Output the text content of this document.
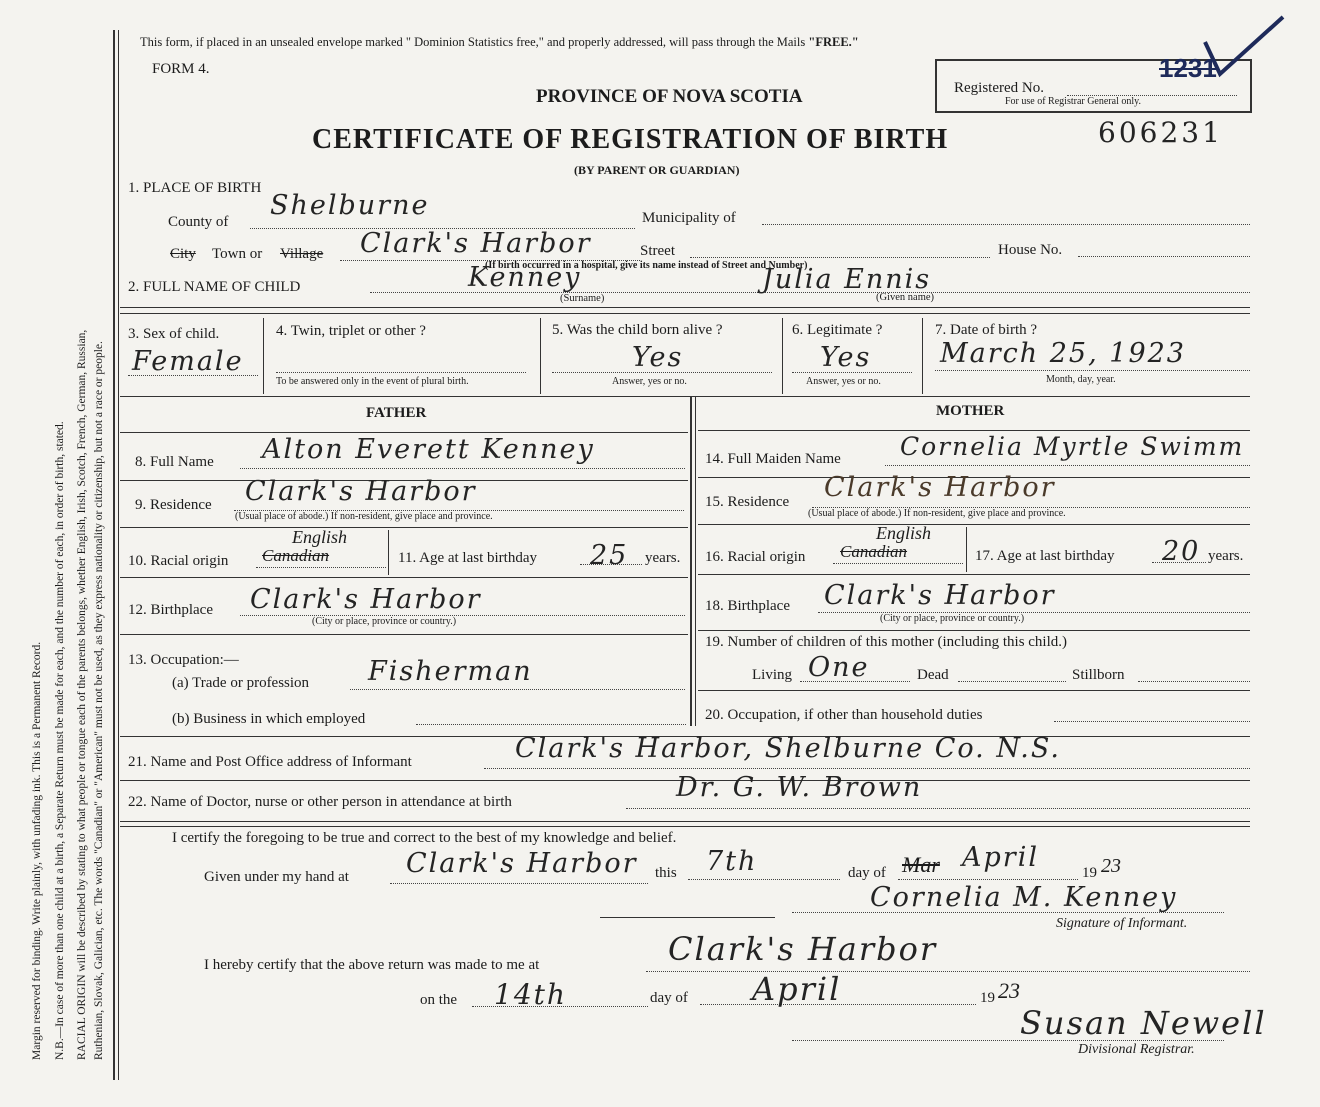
Margin reserved for binding. Write plainly, with unfading ink. This is a Permanent Record. N.B.—In case of more than one child at a birth, a Separate Return must be made for each, and the number of each, in order of birth, stated. RACIAL ORIGIN will be described by stating to what people or tongue each of the parents belongs, whether English, Irish, Scotch, French, German, Russian, Ruthenian, Slovak, Galician, etc. The words "Canadian" or "American" must not be used, as they express nationality or citizenship, but not a race or people.
This form, if placed in an unsealed envelope marked " Dominion Statistics free," and properly addressed, will pass through the Mails "FREE."
FORM 4.
PROVINCE OF NOVA SCOTIA
CERTIFICATE OF REGISTRATION OF BIRTH
(BY PARENT OR GUARDIAN)
Registered No.
For use of Registrar General only.
1231
606231
1. PLACE OF BIRTH
County of
Shelburne	Municipality of
City Town or Village Clark's Harbor	Street	House No.
(If birth occurred in a hospital, give its name instead of Street and Number)
2. FULL NAME OF CHILD	Kenney
(Surname)
Julia Ennis
(Given name)
3. Sex of child.
Female
4. Twin, triplet or other ?
To be answered only in the event of plural birth.
5. Was the child born alive ?
Yes
Answer, yes or no.
6. Legitimate ?
Yes
Answer, yes or no.
7. Date of birth ?
March 25, 1923
Month, day, year.
FATHER
8. Full Name Alton Everett Kenney
9. Residence Clark's Harbor
(Usual place of abode.) If non-resident, give place and province.
10. Racial origin Canadian
English
11. Age at last birthday 25 years.
12. Birthplace Clark's Harbor
(City or place, province or country.)
13. Occupation:—
(a) Trade or profession Fisherman
(b) Business in which employed
MOTHER
14. Full Maiden Name Cornelia Myrtle Swimm
15. Residence Clark's Harbor
(Usual place of abode.) If non-resident, give place and province.
16. Racial origin Canadian
English
17. Age at last birthday 20 years.
18. Birthplace Clark's Harbor
(City or place, province or country.)
19. Number of children of this mother (including this child.)
Living One	Dead	Stillborn
20. Occupation, if other than household duties
21. Name and Post Office address of Informant	Clark's Harbor, Shelburne Co. N.S.
22. Name of Doctor, nurse or other person in attendance at birth	Dr. G. W. Brown
I certify the foregoing to be true and correct to the best of my knowledge and belief.
Given under my hand at Clark's Harbor this 7th	day of Mar April	19 23
Cornelia M. Kenney
Signature of Informant.
I hereby certify that the above return was made to me at	Clark's Harbor
on the 14th	day of April	19 23
Susan Newell
Divisional Registrar.
